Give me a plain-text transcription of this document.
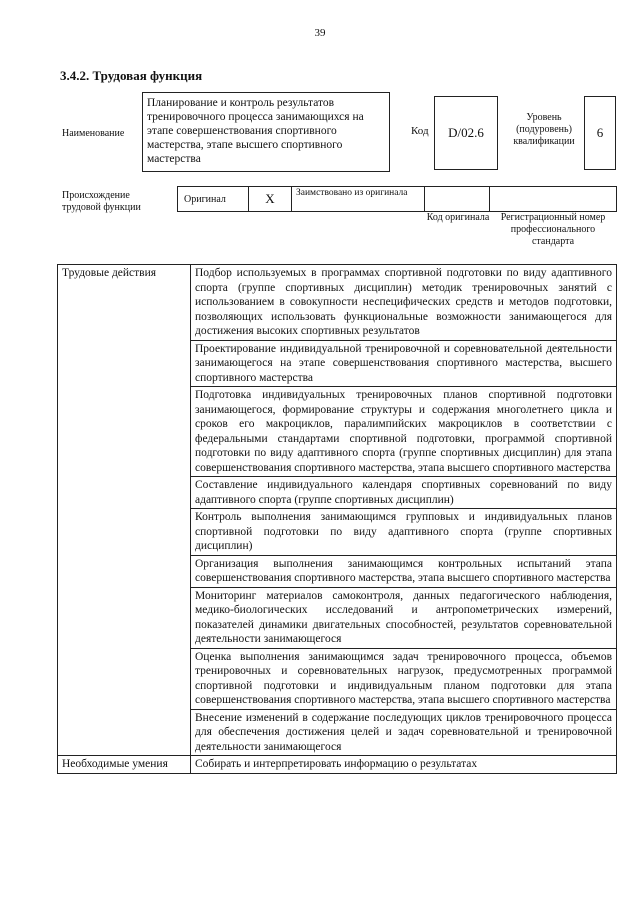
39
3.4.2. Трудовая функция
Наименование
Планирование и контроль результатов тренировочного процесса занимающихся на этапе совершенствования спортивного мастерства, этапе высшего спортивного мастерства
Код	D/02.6
Уровень (подуровень) квалификации
6
Происхождение трудовой функции
Оригинал	X	Заимствовано из оригинала
Код оригинала	Регистрационный номер профессионального стандарта
Трудовые действия	Подбор используемых в программах спортивной подготовки по виду адаптивного спорта (группе спортивных дисциплин) методик тренировочных занятий с использованием в совокупности неспецифических средств и методов подготовки, позволяющих использовать функциональные возможности занимающегося для достижения высоких спортивных результатов
	Проектирование индивидуальной тренировочной и соревновательной деятельности занимающегося на этапе совершенствования спортивного мастерства, высшего спортивного мастерства
	Подготовка индивидуальных тренировочных планов спортивной подготовки занимающегося, формирование структуры и содержания многолетнего цикла и сроков его макроциклов, паралимпийских макроциклов в соответствии с федеральными стандартами спортивной подготовки, программой спортивной подготовки по виду адаптивного спорта (группе спортивных дисциплин) для этапа совершенствования спортивного мастерства, этапа высшего спортивного мастерства
	Составление индивидуального календаря спортивных соревнований по виду адаптивного спорта (группе спортивных дисциплин)
	Контроль выполнения занимающимся групповых и индивидуальных планов спортивной подготовки по виду адаптивного спорта (группе спортивных дисциплин)
	Организация выполнения занимающимся контрольных испытаний этапа совершенствования спортивного мастерства, этапа высшего спортивного мастерства
	Мониторинг материалов самоконтроля, данных педагогического наблюдения, медико-биологических исследований и антропометрических измерений, показателей динамики двигательных способностей, результатов соревновательной деятельности занимающегося
	Оценка выполнения занимающимся задач тренировочного процесса, объемов тренировочных и соревновательных нагрузок, предусмотренных программой спортивной подготовки и индивидуальным планом подготовки для этапа совершенствования спортивного мастерства, этапа высшего спортивного мастерства
	Внесение изменений в содержание последующих циклов тренировочного процесса для обеспечения достижения целей и задач соревновательной и тренировочной деятельности занимающегося
Необходимые умения	Собирать и интерпретировать информацию о результатах
